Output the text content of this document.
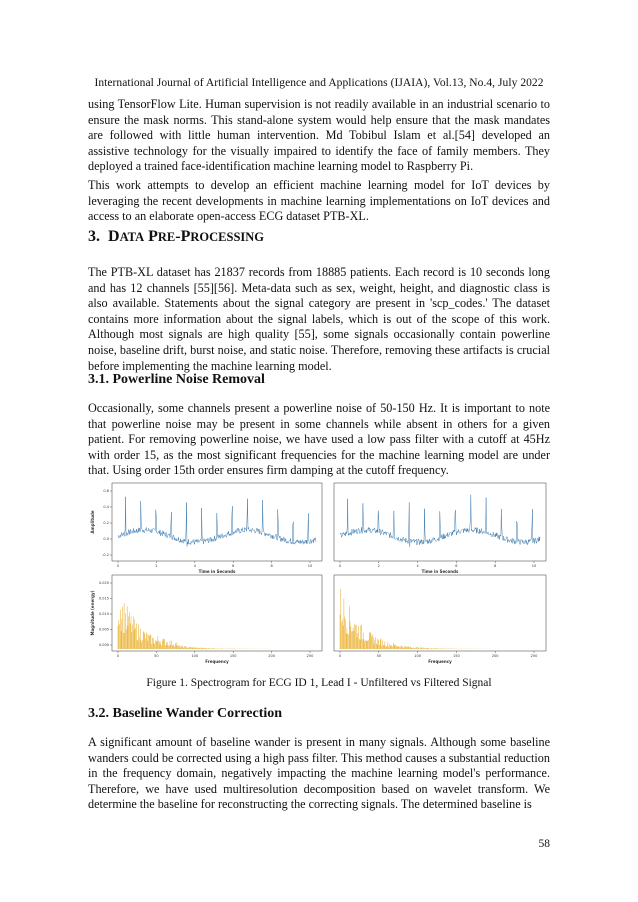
International Journal of Artificial Intelligence and Applications (IJAIA), Vol.13, No.4, July 2022

using TensorFlow Lite. Human supervision is not readily available in an industrial scenario to ensure the mask norms. This stand-alone system would help ensure that the mask mandates are followed with little human intervention. Md Tobibul Islam et al.[54] developed an assistive technology for the visually impaired to identify the face of family members. They deployed a trained face-identification machine learning model to Raspberry Pi.

This work attempts to develop an efficient machine learning model for IoT devices by leveraging the recent developments in machine learning implementations on IoT devices and access to an elaborate open-access ECG dataset PTB-XL.

3. DATA PRE-PROCESSING

The PTB-XL dataset has 21837 records from 18885 patients. Each record is 10 seconds long and has 12 channels [55][56]. Meta-data such as sex, weight, height, and diagnostic class is also available. Statements about the signal category are present in 'scp_codes.' The dataset contains more information about the signal labels, which is out of the scope of this work. Although most signals are high quality [55], some signals occasionally contain powerline noise, baseline drift, burst noise, and static noise. Therefore, removing these artifacts is crucial before implementing the machine learning model.

3.1. Powerline Noise Removal

Occasionally, some channels present a powerline noise of 50-150 Hz. It is important to note that powerline noise may be present in some channels while absent in others for a given patient. For removing powerline noise, we have used a low pass filter with a cutoff at 45Hz with order 15, as the most significant frequencies for the machine learning model are under that. Using order 15th order ensures firm damping at the cutoff frequency.

0	2	4	6	8	10
Time in Seconds
0.6
0.4
0.2
0.0
-0.2
Amplitude
0	2	4	6	8	10
Time in Seconds
0	50	100	150	200	250
Frequency
0.020
0.015
0.010
0.005
0.000
Magnitude (energy)
0	50	100	150	200	250
Frequency
Figure 1. Spectrogram for ECG ID 1, Lead I - Unfiltered vs Filtered Signal
3.2. Baseline Wander Correction

A significant amount of baseline wander is present in many signals. Although some baseline wanders could be corrected using a high pass filter. This method causes a substantial reduction in the frequency domain, negatively impacting the machine learning model's performance. Therefore, we have used multiresolution decomposition based on wavelet transform. We determine the baseline for reconstructing the correcting signals. The determined baseline is

58
